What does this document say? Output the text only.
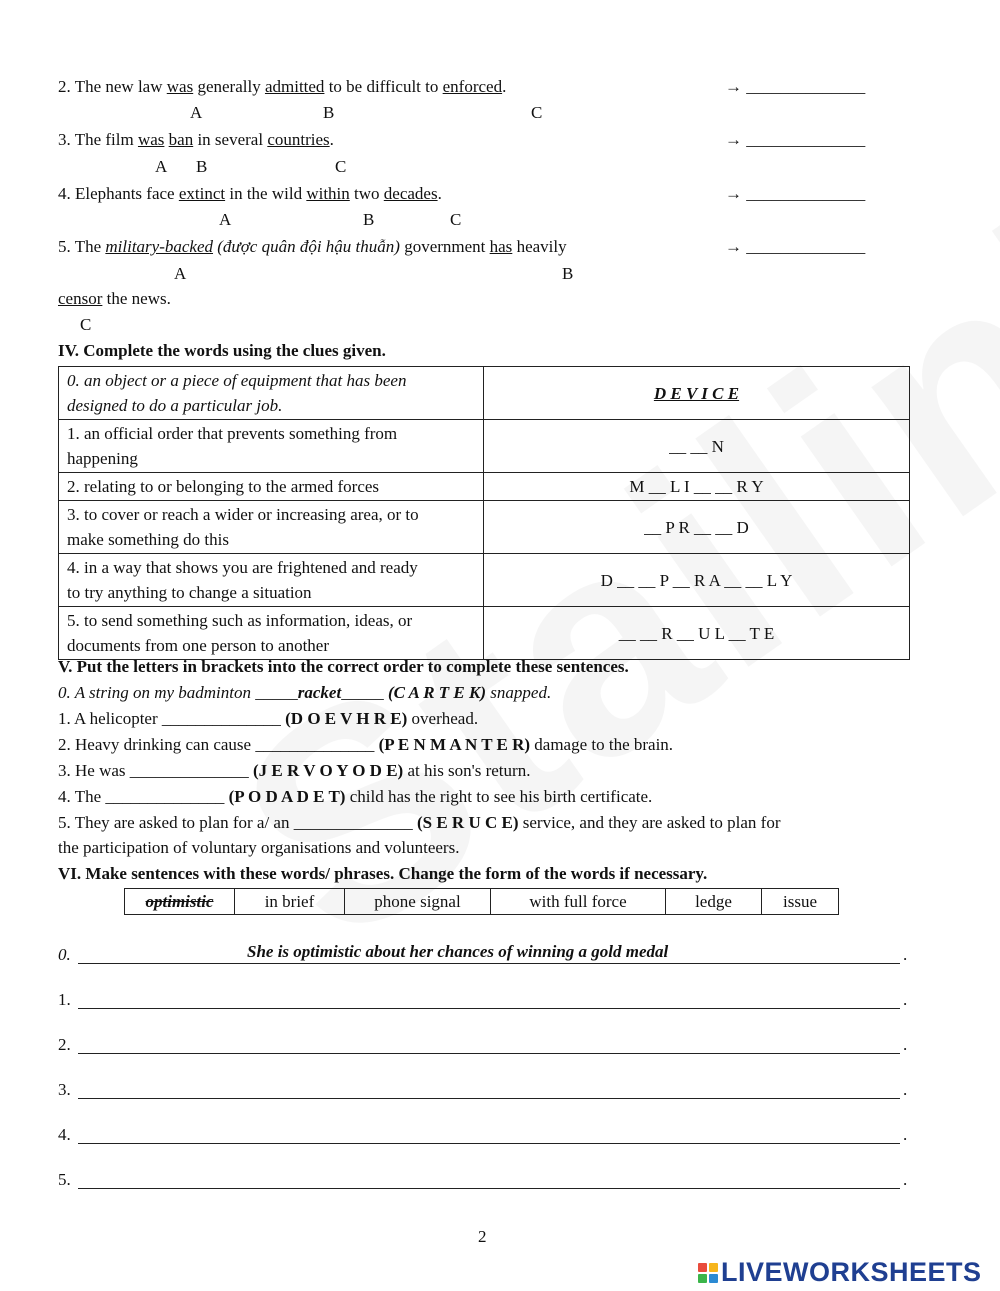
2. The new law was generally admitted to be difficult to enforced.	→ ______________
A	B	C
3. The film was ban in several countries.	→ ______________
A B	C
4. Elephants face extinct in the wild within two decades.	→ ______________
A	B	C
5. The military-backed (được quân đội hậu thuẫn) government has heavily	→ ______________
A	B
censor the news.
C
IV. Complete the words using the clues given.
0. an object or a piece of equipment that has been
designed to do a particular job.	D E V I C E
1. an official order that prevents something from
happening	__ __ N
2. relating to or belonging to the armed forces	M __ L I __ __ R Y
3. to cover or reach a wider or increasing area, or to
make something do this	__ P R __ __ D
4. in a way that shows you are frightened and ready
to try anything to change a situation	D __ __ P __ R A __ __ L Y
5. to send something such as information, ideas, or
documents from one person to another	__ __ R __ U L __ T E
V. Put the letters in brackets into the correct order to complete these sentences.
0. A string on my badminton _____racket_____ (C A R T E K) snapped.
1. A helicopter ______________ (D O E V H R E) overhead.
2. Heavy drinking can cause ______________ (P E N M A N T E R) damage to the brain.
3. He was ______________ (J E R V O Y O D E) at his son's return.
4. The ______________ (P O D A D E T) child has the right to see his birth certificate.
5. They are asked to plan for a/ an ______________ (S E R U C E) service, and they are asked to plan for
the participation of voluntary organisations and volunteers.
VI. Make sentences with these words/ phrases. Change the form of the words if necessary.
optimistic	in brief	phone signal	with full force	ledge	issue
0.	She is optimistic about her chances of winning a gold medal	.
1.	.
2.	.
3.	.
4.	.
5.	.
2
LIVEWORKSHEETS
